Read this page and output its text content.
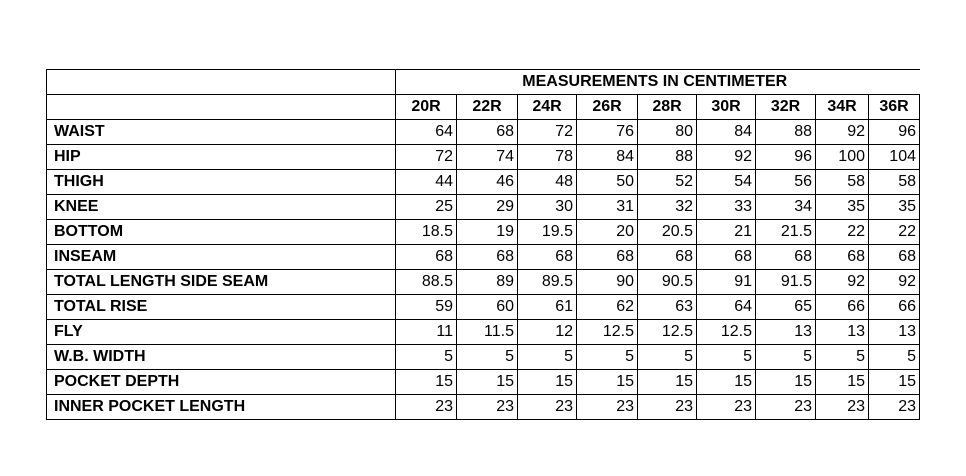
	MEASUREMENTS IN CENTIMETER								
	20R	22R	24R	26R	28R	30R	32R	34R	36R
WAIST	64	68	72	76	80	84	88	92	96
HIP	72	74	78	84	88	92	96	100	104
THIGH	44	46	48	50	52	54	56	58	58
KNEE	25	29	30	31	32	33	34	35	35
BOTTOM	18.5	19	19.5	20	20.5	21	21.5	22	22
INSEAM	68	68	68	68	68	68	68	68	68
TOTAL LENGTH SIDE SEAM	88.5	89	89.5	90	90.5	91	91.5	92	92
TOTAL RISE	59	60	61	62	63	64	65	66	66
FLY	11	11.5	12	12.5	12.5	12.5	13	13	13
W.B. WIDTH	5	5	5	5	5	5	5	5	5
POCKET DEPTH	15	15	15	15	15	15	15	15	15
INNER POCKET LENGTH	23	23	23	23	23	23	23	23	23
